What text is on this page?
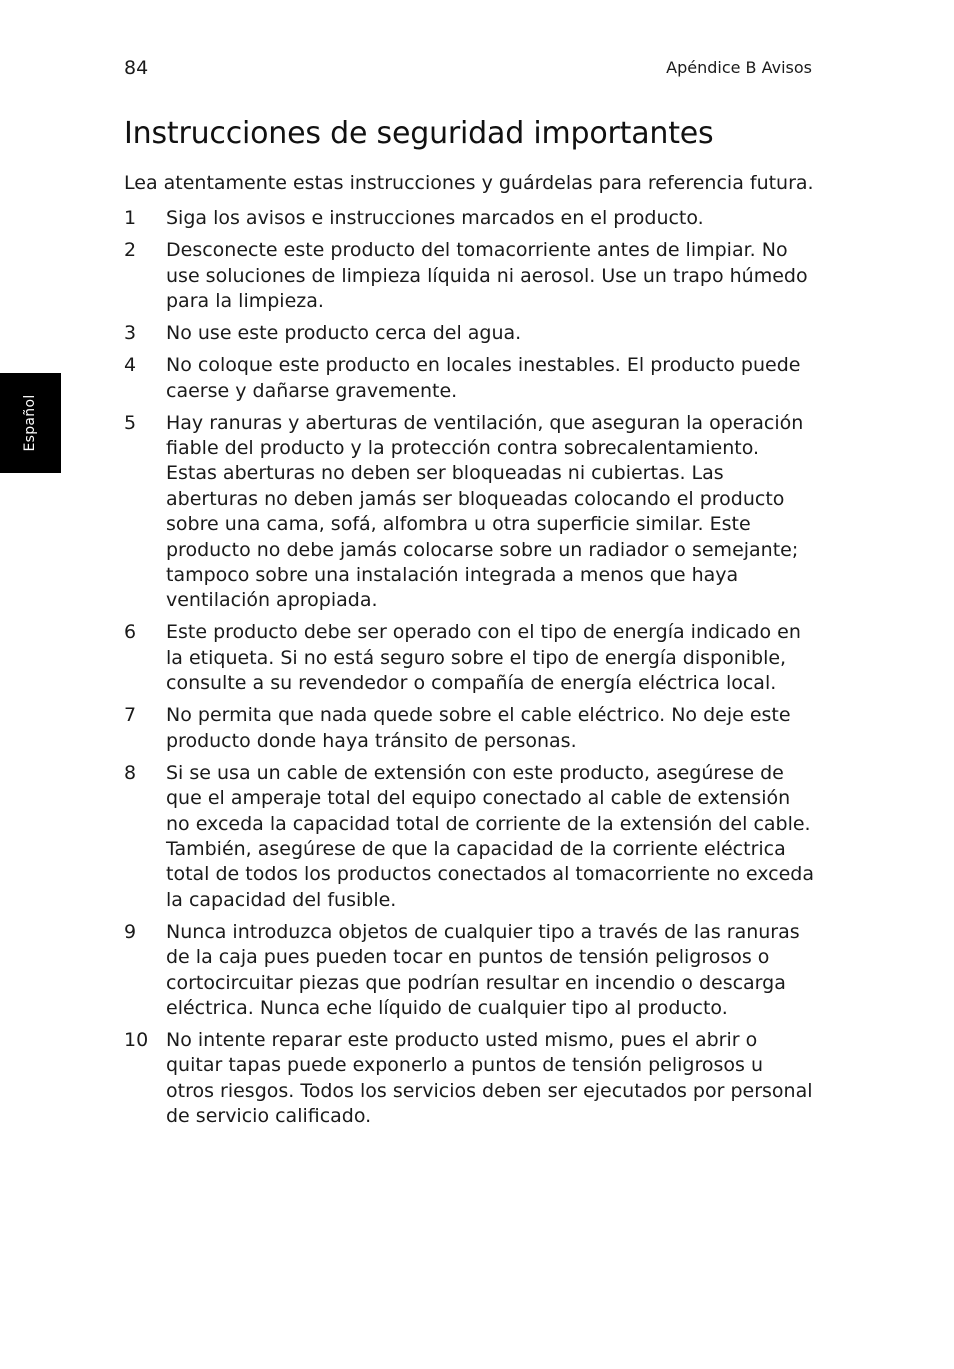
84	Apéndice B Avisos
Español
Instrucciones de seguridad importantes

Lea atentamente estas instrucciones y guárdelas para referencia futura.

1	Siga los avisos e instrucciones marcados en el producto.
2	Desconecte este producto del tomacorriente antes de limpiar. No use soluciones de limpieza líquida ni aerosol. Use un trapo húmedo para la limpieza.
3	No use este producto cerca del agua.
4	No coloque este producto en locales inestables. El producto puede caerse y dañarse gravemente.
5	Hay ranuras y aberturas de ventilación, que aseguran la operación fiable del producto y la protección contra sobrecalentamiento. Estas aberturas no deben ser bloqueadas ni cubiertas. Las aberturas no deben jamás ser bloqueadas colocando el producto sobre una cama, sofá, alfombra u otra superficie similar. Este producto no debe jamás colocarse sobre un radiador o semejante; tampoco sobre una instalación integrada a menos que haya ventilación apropiada.
6	Este producto debe ser operado con el tipo de energía indicado en la etiqueta. Si no está seguro sobre el tipo de energía disponible, consulte a su revendedor o compañía de energía eléctrica local.
7	No permita que nada quede sobre el cable eléctrico. No deje este producto donde haya tránsito de personas.
8	Si se usa un cable de extensión con este producto, asegúrese de que el amperaje total del equipo conectado al cable de extensión no exceda la capacidad total de corriente de la extensión del cable. También, asegúrese de que la capacidad de la corriente eléctrica total de todos los productos conectados al tomacorriente no exceda la capacidad del fusible.
9	Nunca introduzca objetos de cualquier tipo a través de las ranuras de la caja pues pueden tocar en puntos de tensión peligrosos o cortocircuitar piezas que podrían resultar en incendio o descarga eléctrica. Nunca eche líquido de cualquier tipo al producto.
10 No intente reparar este producto usted mismo, pues el abrir o quitar tapas puede exponerlo a puntos de tensión peligrosos u otros riesgos. Todos los servicios deben ser ejecutados por personal de servicio calificado.
